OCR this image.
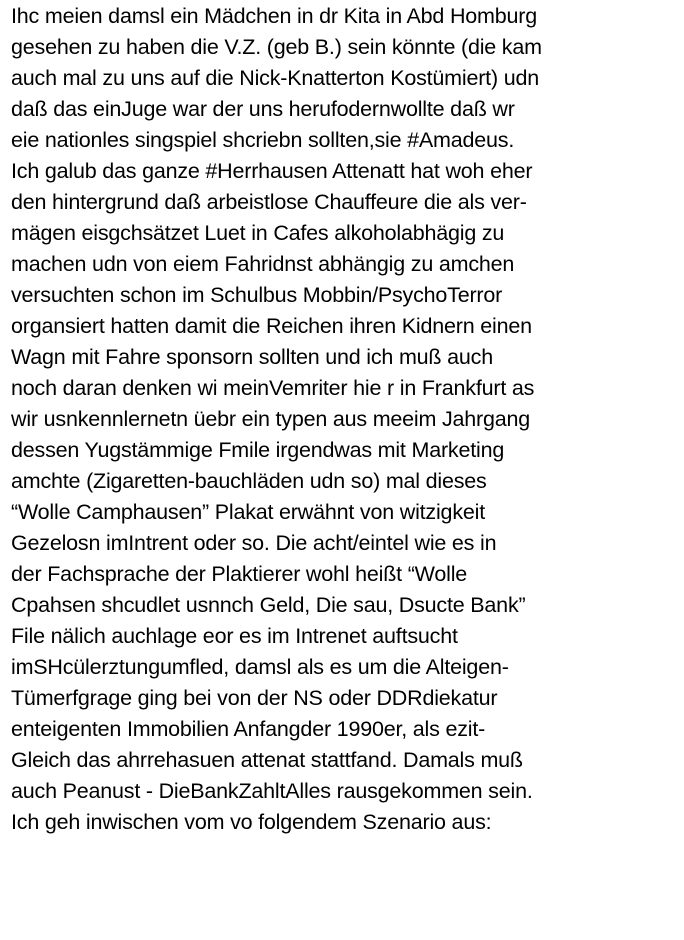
Ihc meien damsl ein Mädchen in dr Kita in Abd Homburg
gesehen zu haben die V.Z. (geb B.) sein könnte (die kam
auch mal zu uns auf die Nick-Knatterton Kostümiert) udn
daß das einJuge war der uns herufodernwollte daß wr
eie nationles singspiel shcriebn sollten,sie #Amadeus.
Ich galub das ganze #Herrhausen Attenatt hat woh eher
den hintergrund daß arbeistlose Chauffeure die als ver-
mägen eisgchsätzet Luet in Cafes alkoholabhägig zu
machen udn von eiem Fahridnst abhängig zu amchen
versuchten schon im Schulbus Mobbin/PsychoTerror
organsiert hatten damit die Reichen ihren Kidnern einen
Wagn mit Fahre sponsorn sollten und ich muß auch
noch daran denken wi meinVemriter hie r in Frankfurt as
wir usnkennlernetn üebr ein typen aus meeim Jahrgang
dessen Yugstämmige Fmile irgendwas mit Marketing
amchte (Zigaretten-bauchläden udn so) mal dieses
“Wolle Camphausen” Plakat erwähnt von witzigkeit
Gezelosn imIntrent oder so. Die acht/eintel wie es in
der Fachsprache der Plaktierer wohl heißt “Wolle
Cpahsen shcudlet usnnch Geld, Die sau, Dsucte Bank”
File nälich auchlage eor es im Intrenet auftsucht
imSHcülerztungumfled, damsl als es um die Alteigen-
Tümerfgrage ging bei von der NS oder DDRdiekatur
enteigenten Immobilien Anfangder 1990er, als ezit-
Gleich das ahrrehasuen attenat stattfand. Damals muß
auch Peanust - DieBankZahltAlles rausgekommen sein.
Ich geh inwischen vom vo folgendem Szenario aus:
